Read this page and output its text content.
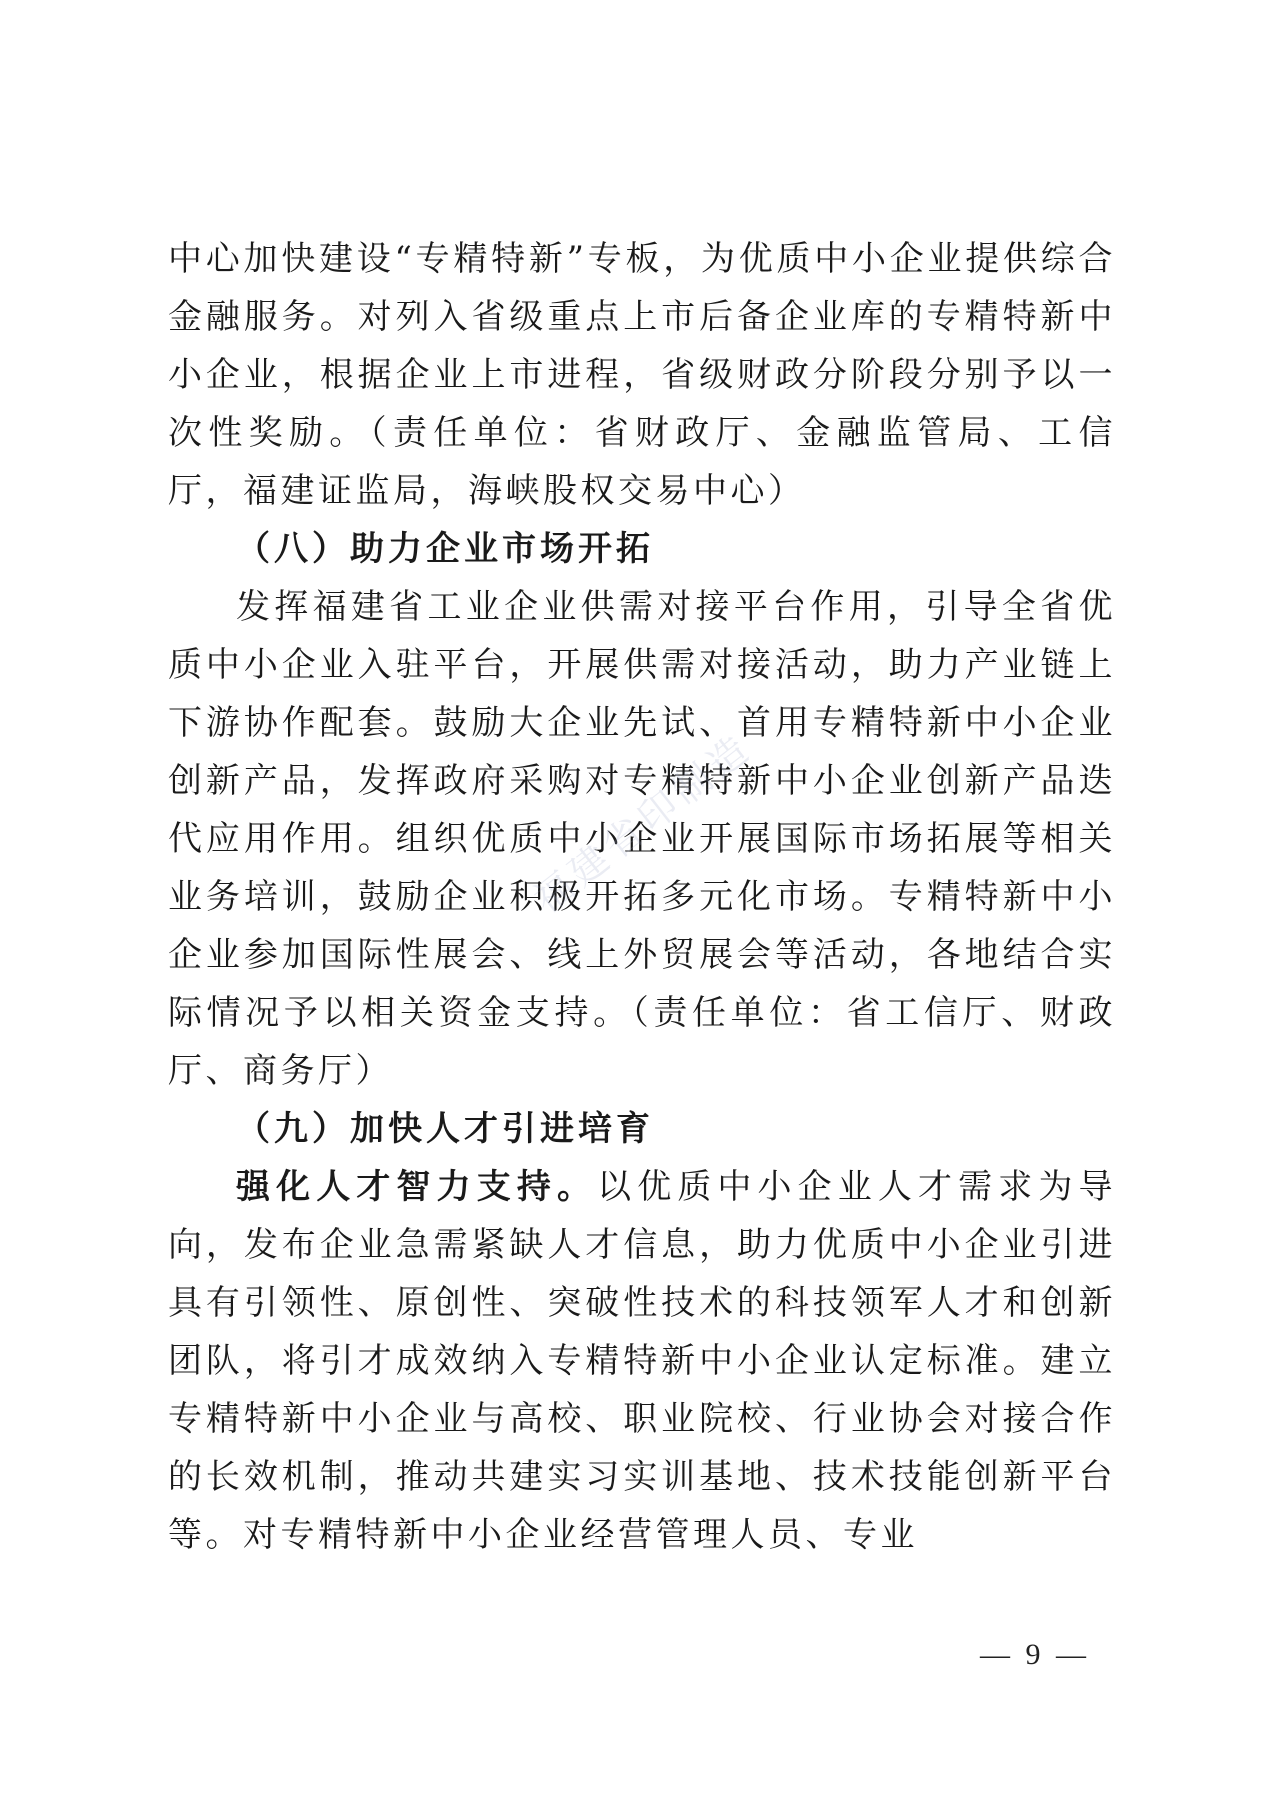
中心加快建设“专精特新”专板，为优质中小企业提供综合金融服务。对列入省级重点上市后备企业库的专精特新中小企业，根据企业上市进程，省级财政分阶段分别予以一次性奖励。（责任单位：省财政厅、金融监管局、工信厅，福建证监局，海峡股权交易中心）

（八）助力企业市场开拓

发挥福建省工业企业供需对接平台作用，引导全省优质中小企业入驻平台，开展供需对接活动，助力产业链上下游协作配套。鼓励大企业先试、首用专精特新中小企业创新产品，发挥政府采购对专精特新中小企业创新产品迭代应用作用。组织优质中小企业开展国际市场拓展等相关业务培训，鼓励企业积极开拓多元化市场。专精特新中小企业参加国际性展会、线上外贸展会等活动，各地结合实际情况予以相关资金支持。（责任单位：省工信厅、财政厅、商务厅）

（九）加快人才引进培育

强化人才智力支持。以优质中小企业人才需求为导向，发布企业急需紧缺人才信息，助力优质中小企业引进具有引领性、原创性、突破性技术的科技领军人才和创新团队，将引才成效纳入专精特新中小企业认定标准。建立专精特新中小企业与高校、职业院校、行业协会对接合作的长效机制，推动共建实习实训基地、技术技能创新平台等。对专精特新中小企业经营管理人员、专业

福建省印制造
— 9 —
